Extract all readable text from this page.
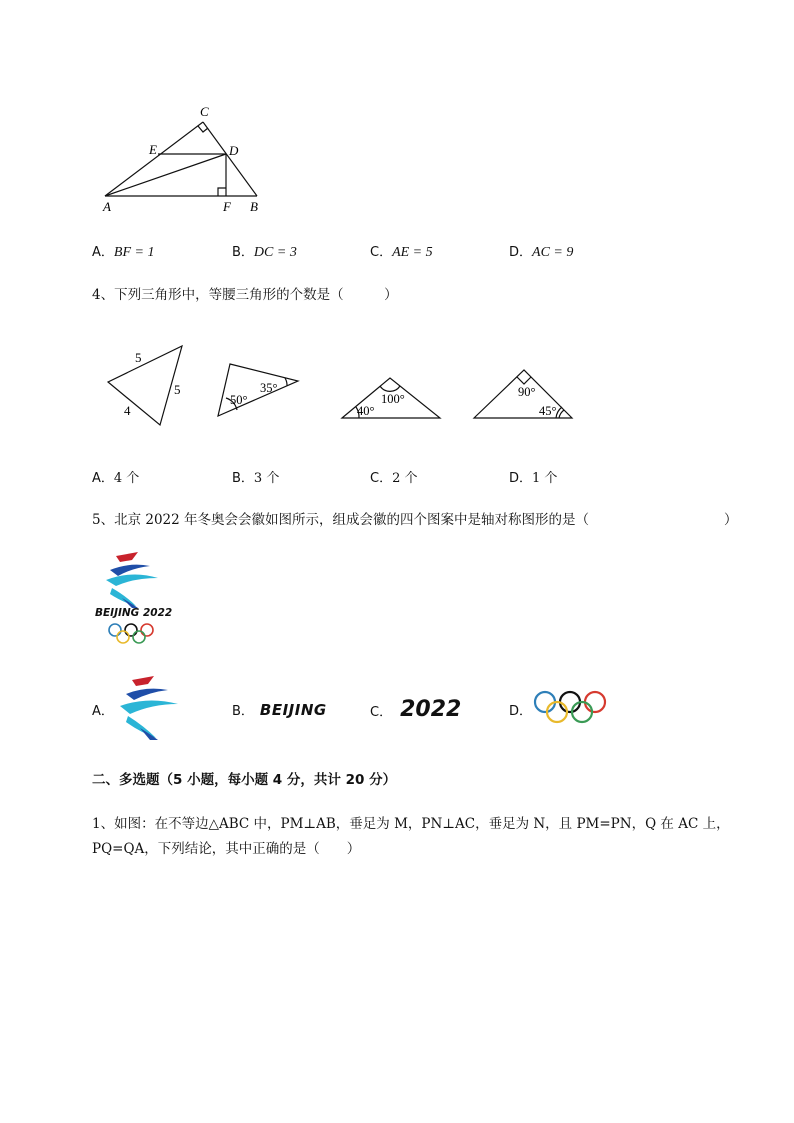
C
E	D
A	F B
A．BF = 1	B．DC = 3	C．AE = 5	D．AC = 9
4、下列三角形中，等腰三角形的个数是（　　　）
5
5
4
50°
35°
100°
40°
90°
45°
A．4 个	B．3 个	C．2 个	D．1 个
5、北京 2022 年冬奥会会徽如图所示，组成会徽的四个图案中是轴对称图形的是（	）
BEIJING 2022
A．	B． BEIJING	C． 2022	D．
二、多选题（5 小题，每小题 4 分，共计 20 分）
1、如图：在不等边△ABC 中，PM⊥AB，垂足为 M，PN⊥AC，垂足为 N，且 PM=PN，Q 在 AC 上，
PQ=QA，下列结论，其中正确的是（　　）
